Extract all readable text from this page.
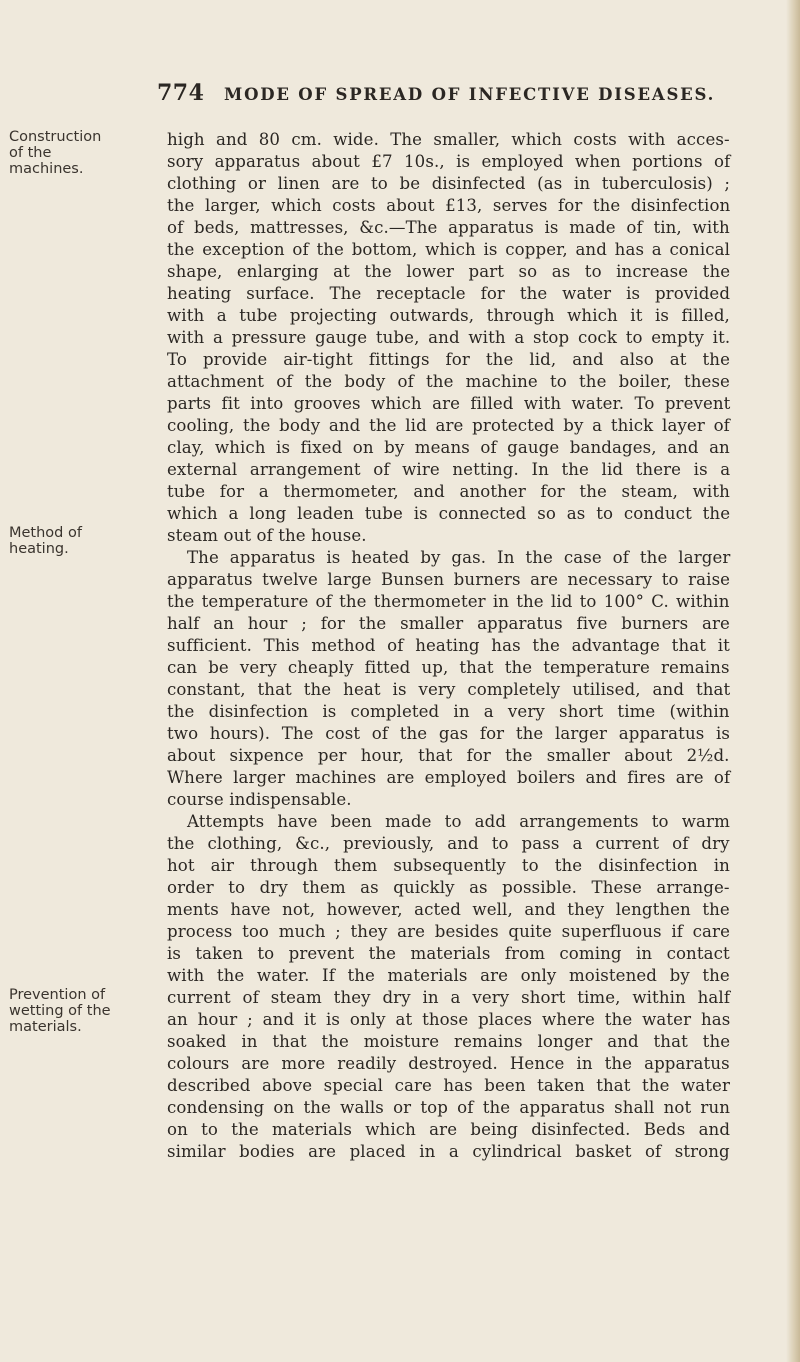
774 MODE OF SPREAD OF INFECTIVE DISEASES.
Construction
of the
machines.
Method of
heating.
Prevention of
wetting of the
materials.
high and 80 cm. wide. The smaller, which costs with acces-
sory apparatus about £7 10s., is employed when portions of
clothing or linen are to be disinfected (as in tuberculosis) ;
the larger, which costs about £13, serves for the disinfection
of beds, mattresses, &c.—The apparatus is made of tin, with
the exception of the bottom, which is copper, and has a conical
shape, enlarging at the lower part so as to increase the
heating surface. The receptacle for the water is provided
with a tube projecting outwards, through which it is filled,
with a pressure gauge tube, and with a stop cock to empty it.
To provide air-tight fittings for the lid, and also at the
attachment of the body of the machine to the boiler, these
parts fit into grooves which are filled with water. To prevent
cooling, the body and the lid are protected by a thick layer of
clay, which is fixed on by means of gauge bandages, and an
external arrangement of wire netting. In the lid there is a
tube for a thermometer, and another for the steam, with
which a long leaden tube is connected so as to conduct the
steam out of the house.
The apparatus is heated by gas. In the case of the larger
apparatus twelve large Bunsen burners are necessary to raise
the temperature of the thermometer in the lid to 100° C. within
half an hour ; for the smaller apparatus five burners are
sufficient. This method of heating has the advantage that it
can be very cheaply fitted up, that the temperature remains
constant, that the heat is very completely utilised, and that
the disinfection is completed in a very short time (within
two hours). The cost of the gas for the larger apparatus is
about sixpence per hour, that for the smaller about 2½d.
Where larger machines are employed boilers and fires are of
course indispensable.
Attempts have been made to add arrangements to warm
the clothing, &c., previously, and to pass a current of dry
hot air through them subsequently to the disinfection in
order to dry them as quickly as possible. These arrange-
ments have not, however, acted well, and they lengthen the
process too much ; they are besides quite superfluous if care
is taken to prevent the materials from coming in contact
with the water. If the materials are only moistened by the
current of steam they dry in a very short time, within half
an hour ; and it is only at those places where the water has
soaked in that the moisture remains longer and that the
colours are more readily destroyed. Hence in the apparatus
described above special care has been taken that the water
condensing on the walls or top of the apparatus shall not run
on to the materials which are being disinfected. Beds and
similar bodies are placed in a cylindrical basket of strong
